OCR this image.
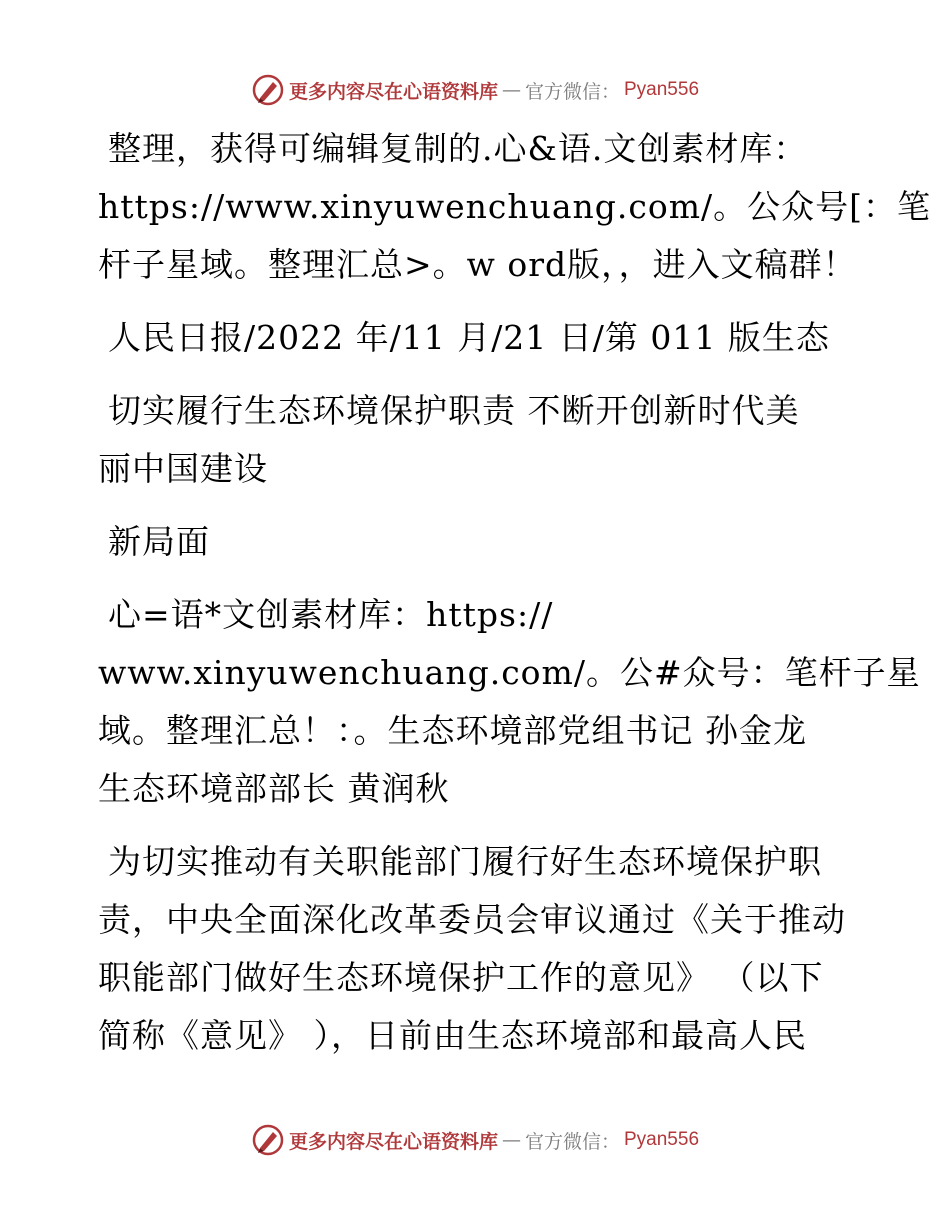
更多内容尽在心语资料库 — 官方微信： Pyan556
整理，获得可编辑复制的.心&语.文创素材库：
https://www.xinyuwenchuang.com/。公众号[：笔
杆子星域。整理汇总>。w ord版，，进入文稿群！
人民日报/2022 年/11 月/21 日/第 011 版生态
切实履行生态环境保护职责 不断开创新时代美
丽中国建设
新局面
心=语*文创素材库：https://
www.xinyuwenchuang.com/。公#众号：笔杆子星
域。整理汇总！：。生态环境部党组书记 孙金龙
生态环境部部长 黄润秋
为切实推动有关职能部门履行好生态环境保护职
责，中央全面深化改革委员会审议通过《关于推动
职能部门做好生态环境保护工作的意见》 （以下
简称《意见》 ），日前由生态环境部和最高人民
更多内容尽在心语资料库 — 官方微信： Pyan556
